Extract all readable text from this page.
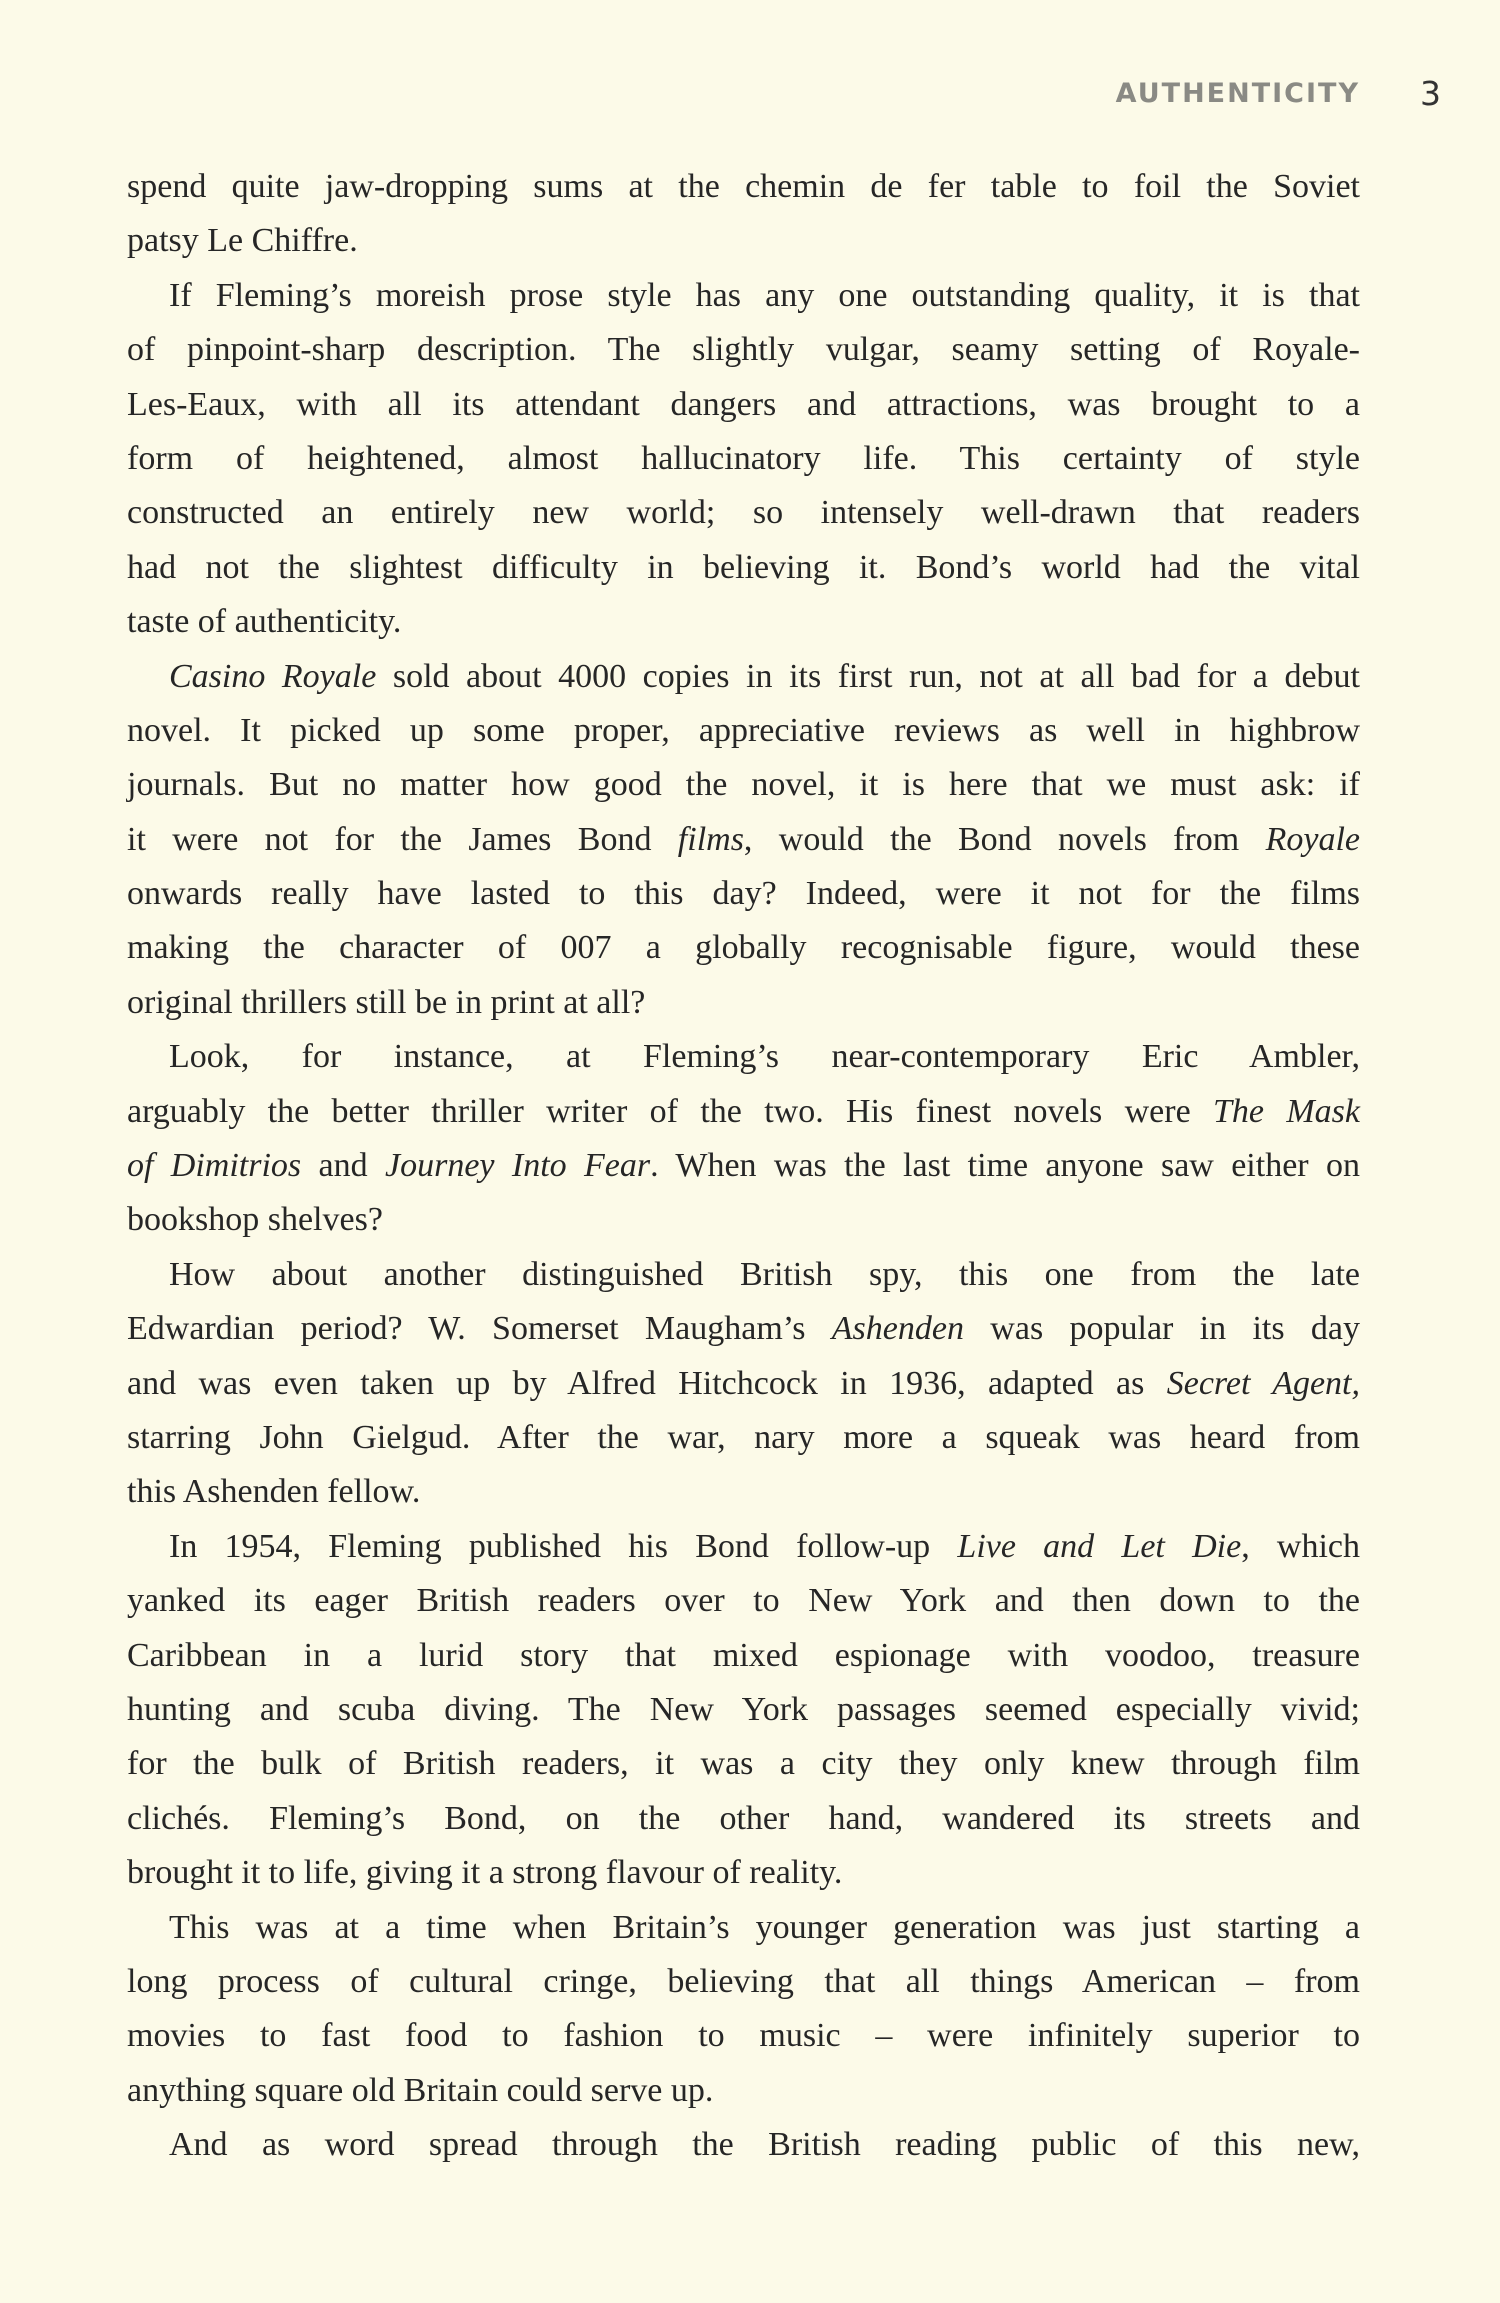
AUTHENTICITY 3
spend quite jaw-dropping sums at the chemin de fer table to foil the Soviet
patsy Le Chiffre.
If Fleming’s moreish prose style has any one outstanding quality, it is that
of pinpoint-sharp description. The slightly vulgar, seamy setting of Royale-
Les-Eaux, with all its attendant dangers and attractions, was brought to a
form of heightened, almost hallucinatory life. This certainty of style
constructed an entirely new world; so intensely well-drawn that readers
had not the slightest difficulty in believing it. Bond’s world had the vital
taste of authenticity.
Casino Royale sold about 4000 copies in its first run, not at all bad for a debut
novel. It picked up some proper, appreciative reviews as well in highbrow
journals. But no matter how good the novel, it is here that we must ask: if
it were not for the James Bond films, would the Bond novels from Royale
onwards really have lasted to this day? Indeed, were it not for the films
making the character of 007 a globally recognisable figure, would these
original thrillers still be in print at all?
Look, for instance, at Fleming’s near-contemporary Eric Ambler,
arguably the better thriller writer of the two. His finest novels were The Mask
of Dimitrios and Journey Into Fear. When was the last time anyone saw either on
bookshop shelves?
How about another distinguished British spy, this one from the late
Edwardian period? W. Somerset Maugham’s Ashenden was popular in its day
and was even taken up by Alfred Hitchcock in 1936, adapted as Secret Agent,
starring John Gielgud. After the war, nary more a squeak was heard from
this Ashenden fellow.
In 1954, Fleming published his Bond follow-up Live and Let Die, which
yanked its eager British readers over to New York and then down to the
Caribbean in a lurid story that mixed espionage with voodoo, treasure
hunting and scuba diving. The New York passages seemed especially vivid;
for the bulk of British readers, it was a city they only knew through film
clichés. Fleming’s Bond, on the other hand, wandered its streets and
brought it to life, giving it a strong flavour of reality.
This was at a time when Britain’s younger generation was just starting a
long process of cultural cringe, believing that all things American – from
movies to fast food to fashion to music – were infinitely superior to
anything square old Britain could serve up.
And as word spread through the British reading public of this new,
